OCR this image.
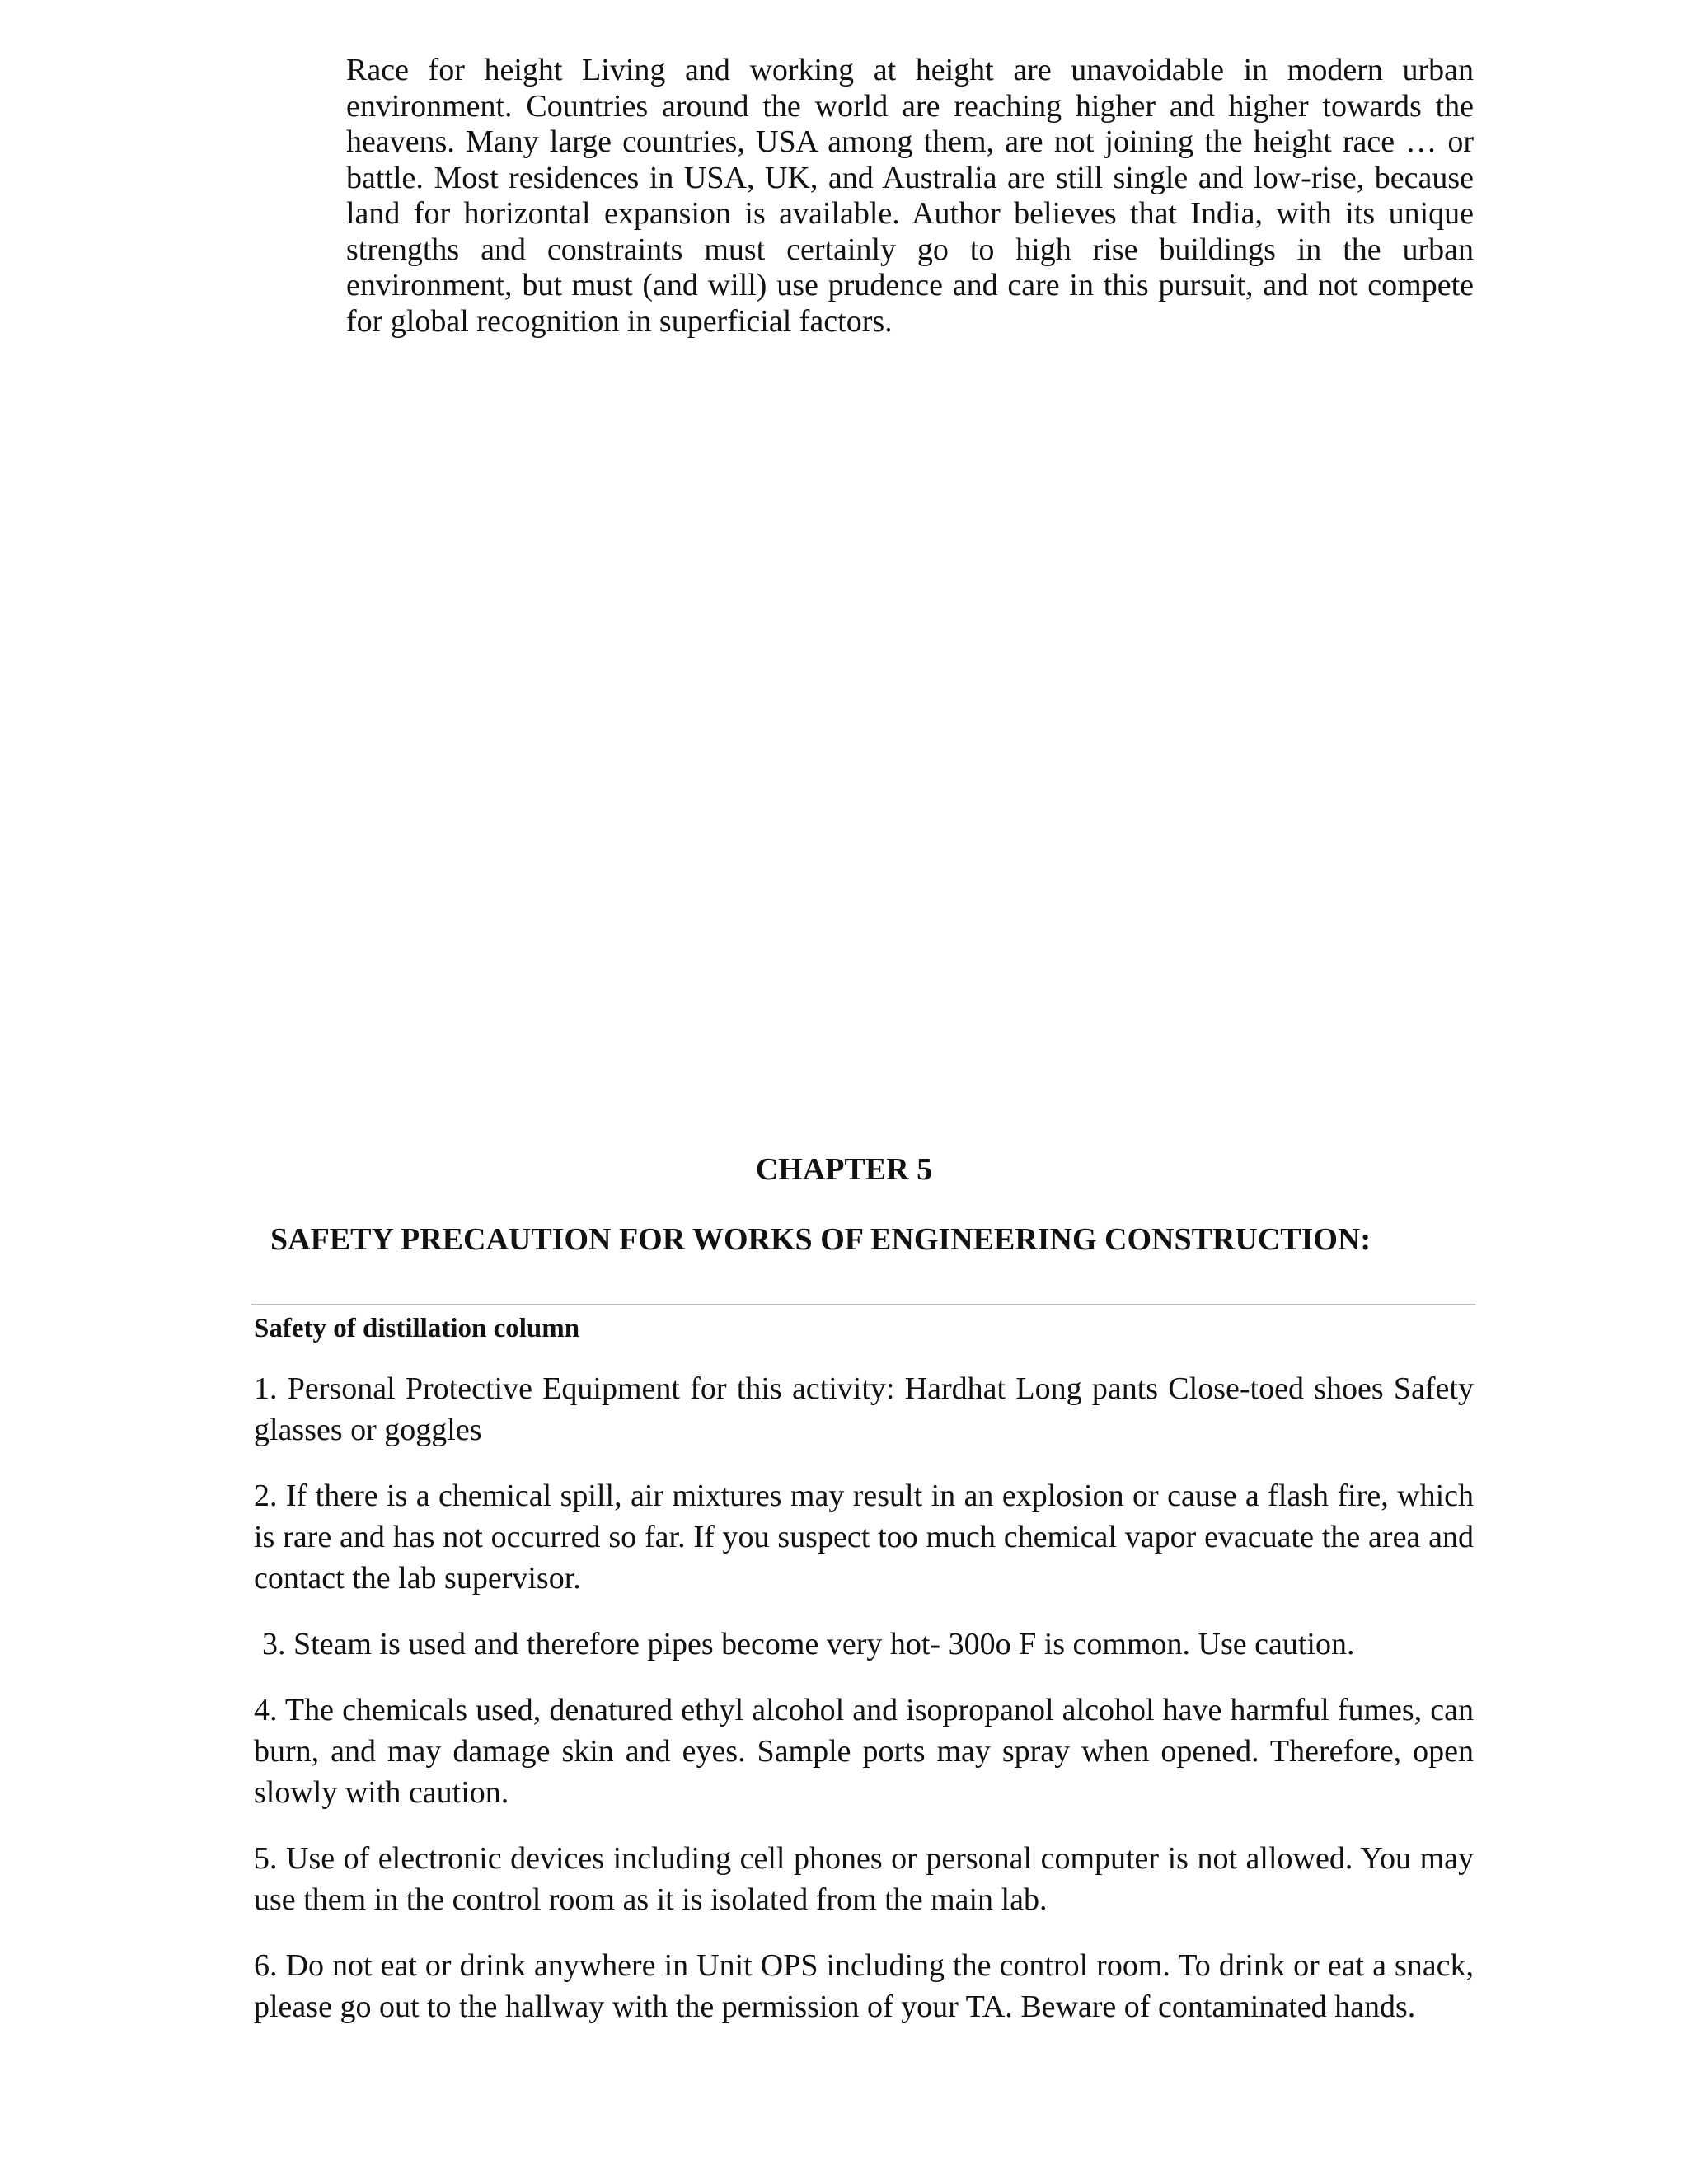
Race for height Living and working at height are unavoidable in modern urban environment. Countries around the world are reaching higher and higher towards the heavens. Many large countries, USA among them, are not joining the height race … or battle. Most residences in USA, UK, and Australia are still single and low-rise, because land for horizontal expansion is available. Author believes that India, with its unique strengths and constraints must certainly go to high rise buildings in the urban environment, but must (and will) use prudence and care in this pursuit, and not compete for global recognition in superficial factors.

CHAPTER 5
SAFETY PRECAUTION FOR WORKS OF ENGINEERING CONSTRUCTION:
Safety of distillation column
1. Personal Protective Equipment for this activity: Hardhat Long pants Close-toed shoes Safety glasses or goggles
2. If there is a chemical spill, air mixtures may result in an explosion or cause a flash fire, which is rare and has not occurred so far. If you suspect too much chemical vapor evacuate the area and contact the lab supervisor.
3. Steam is used and therefore pipes become very hot- 300o F is common. Use caution.
4. The chemicals used, denatured ethyl alcohol and isopropanol alcohol have harmful fumes, can burn, and may damage skin and eyes. Sample ports may spray when opened. Therefore, open slowly with caution.
5. Use of electronic devices including cell phones or personal computer is not allowed. You may use them in the control room as it is isolated from the main lab.
6. Do not eat or drink anywhere in Unit OPS including the control room. To drink or eat a snack, please go out to the hallway with the permission of your TA. Beware of contaminated hands.
